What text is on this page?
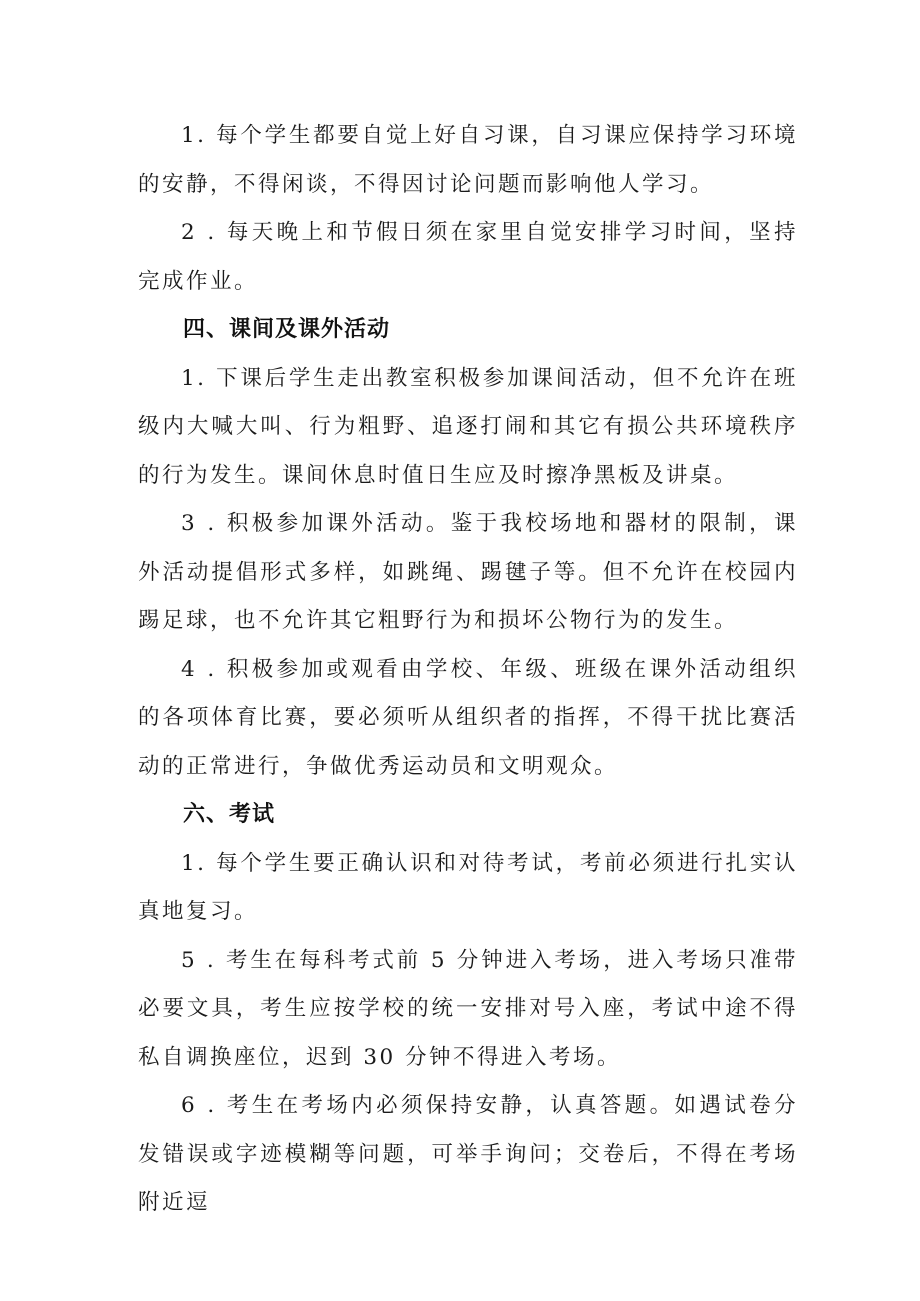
1. 每个学生都要自觉上好自习课，自习课应保持学习环境的安静，不得闲谈，不得因讨论问题而影响他人学习。

2 . 每天晚上和节假日须在家里自觉安排学习时间，坚持完成作业。

四、课间及课外活动

1. 下课后学生走出教室积极参加课间活动，但不允许在班级内大喊大叫、行为粗野、追逐打闹和其它有损公共环境秩序的行为发生。课间休息时值日生应及时擦净黑板及讲桌。

3 . 积极参加课外活动。鉴于我校场地和器材的限制，课外活动提倡形式多样，如跳绳、踢毽子等。但不允许在校园内踢足球，也不允许其它粗野行为和损坏公物行为的发生。

4 . 积极参加或观看由学校、年级、班级在课外活动组织的各项体育比赛，要必须听从组织者的指挥，不得干扰比赛活动的正常进行，争做优秀运动员和文明观众。

六、考试

1. 每个学生要正确认识和对待考试，考前必须进行扎实认真地复习。

5 . 考生在每科考式前 5 分钟进入考场，进入考场只准带必要文具，考生应按学校的统一安排对号入座，考试中途不得私自调换座位，迟到 30 分钟不得进入考场。

6 . 考生在考场内必须保持安静，认真答题。如遇试卷分发错误或字迹模糊等问题，可举手询问；交卷后，不得在考场附近逗
